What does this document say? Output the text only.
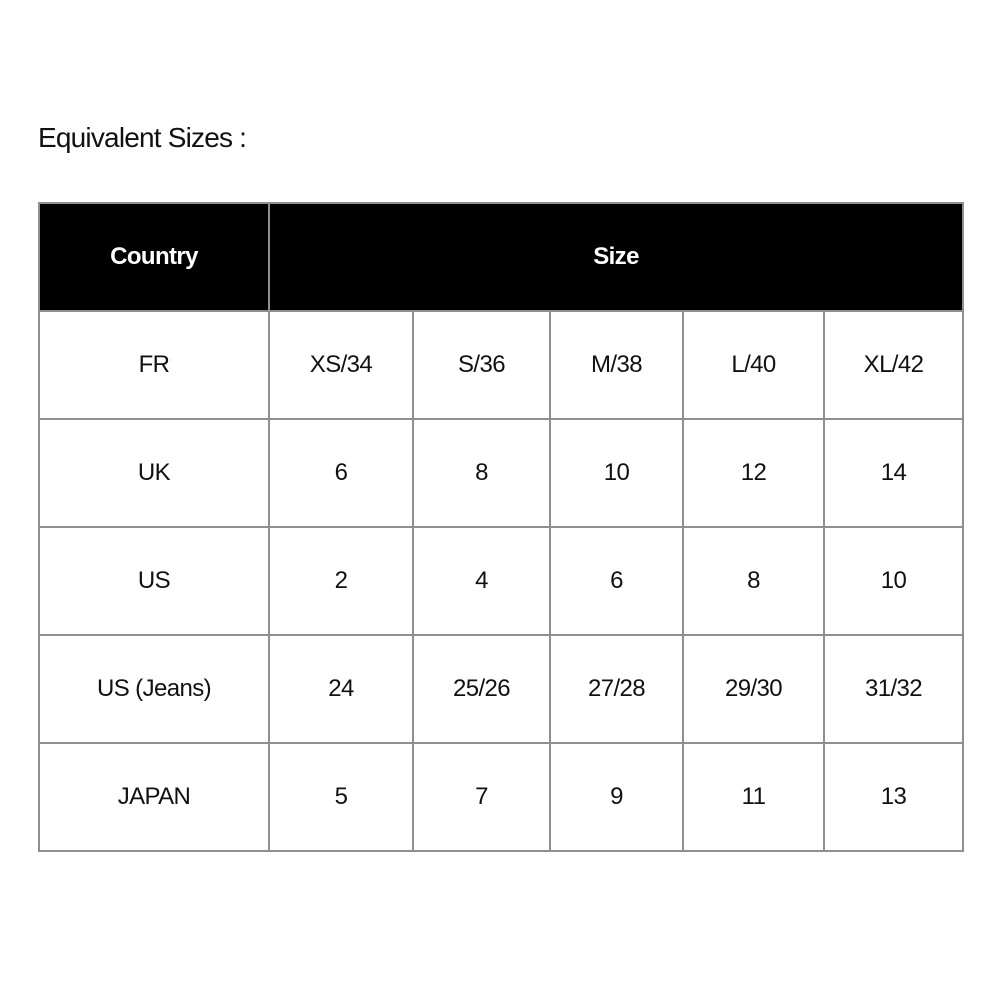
Equivalent Sizes :
Country	Size				
FR	XS/34	S/36	M/38	L/40	XL/42
UK	6	8	10	12	14
US	2	4	6	8	10
US (Jeans)	24	25/26	27/28	29/30	31/32
JAPAN	5	7	9	11	13
